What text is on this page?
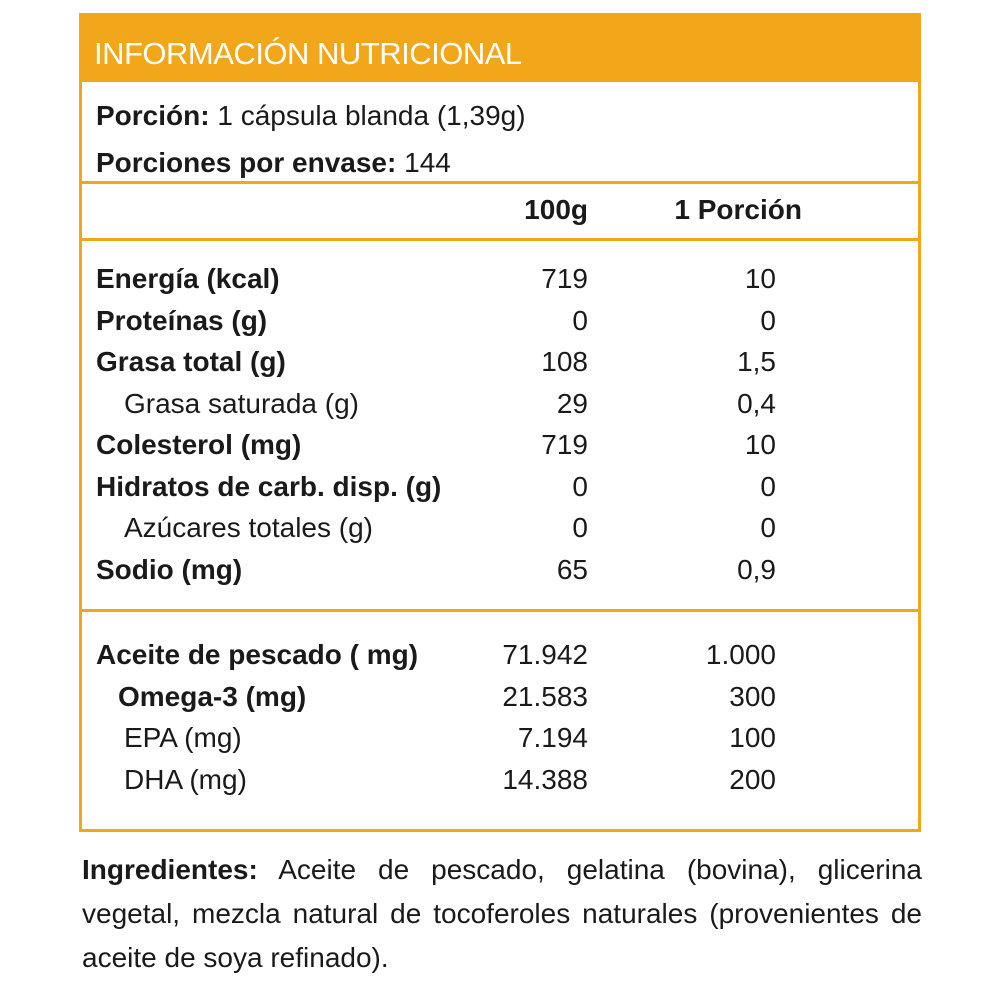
INFORMACIÓN NUTRICIONAL
Porción: 1 cápsula blanda (1,39g)
Porciones por envase: 144
100g	1 Porción
Energía (kcal)	719	10
Proteínas (g)	0	0
Grasa total (g)	108	1,5
Grasa saturada (g)	29	0,4
Colesterol (mg)	719	10
Hidratos de carb. disp. (g)	0	0
Azúcares totales (g)	0	0
Sodio (mg)	65	0,9
Aceite de pescado ( mg)	71.942	1.000
Omega-3 (mg)	21.583	300
EPA (mg)	7.194	100
DHA (mg)	14.388	200
Ingredientes: Aceite de pescado, gelatina (bovina), glicerina vegetal, mezcla natural de tocoferoles naturales (provenientes de aceite de soya refinado).
